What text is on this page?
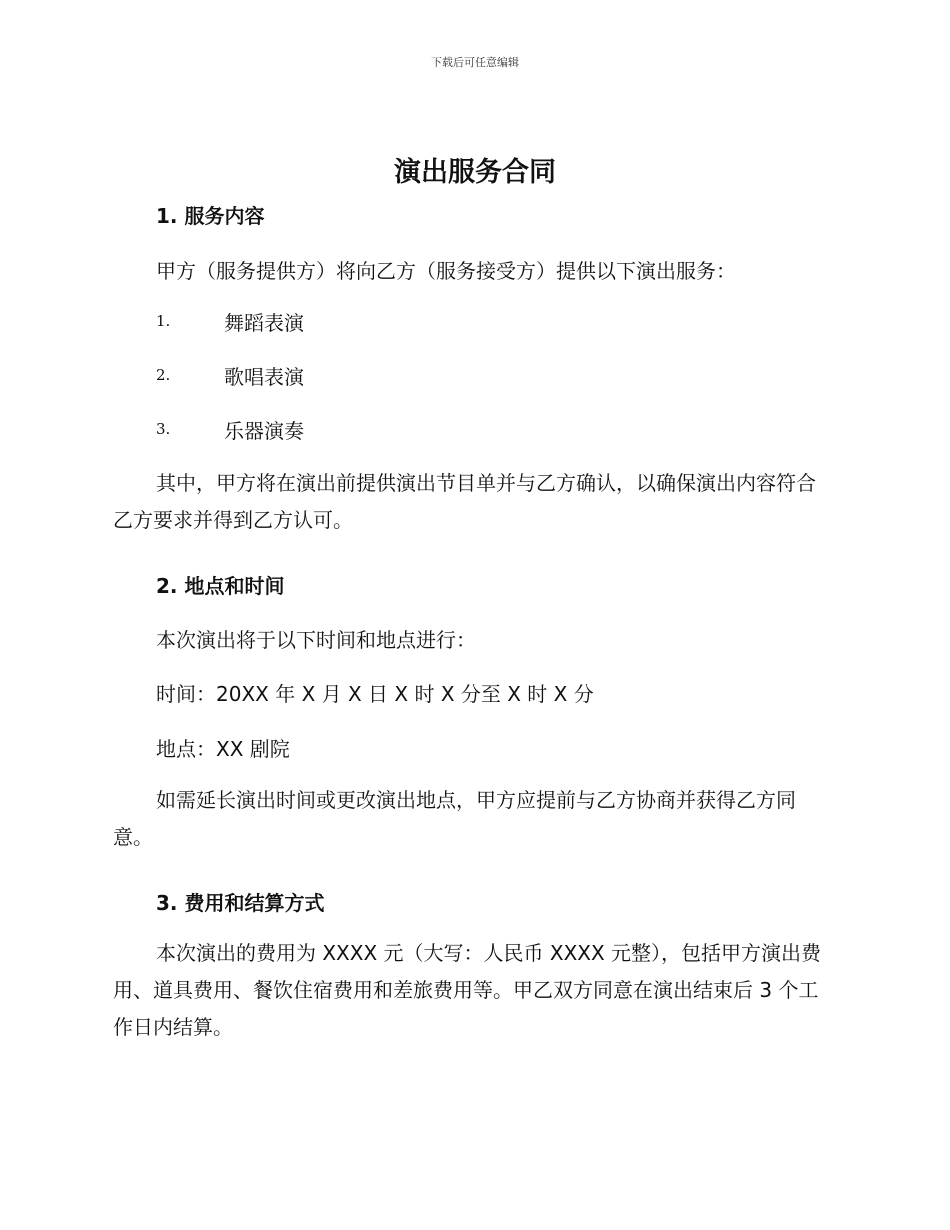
下载后可任意编辑
演出服务合同
1. 服务内容
甲方（服务提供方）将向乙方（服务接受方）提供以下演出服务：
1.	舞蹈表演
2.	歌唱表演
3.	乐器演奏

其中，甲方将在演出前提供演出节目单并与乙方确认，以确保演出内容符合乙方要求并得到乙方认可。

2. 地点和时间
本次演出将于以下时间和地点进行：
时间：20XX 年 X 月 X 日 X 时 X 分至 X 时 X 分
地点：XX 剧院

如需延长演出时间或更改演出地点，甲方应提前与乙方协商并获得乙方同意。

3. 费用和结算方式

本次演出的费用为 XXXX 元（大写：人民币 XXXX 元整），包括甲方演出费用、道具费用、餐饮住宿费用和差旅费用等。甲乙双方同意在演出结束后 3 个工作日内结算。
